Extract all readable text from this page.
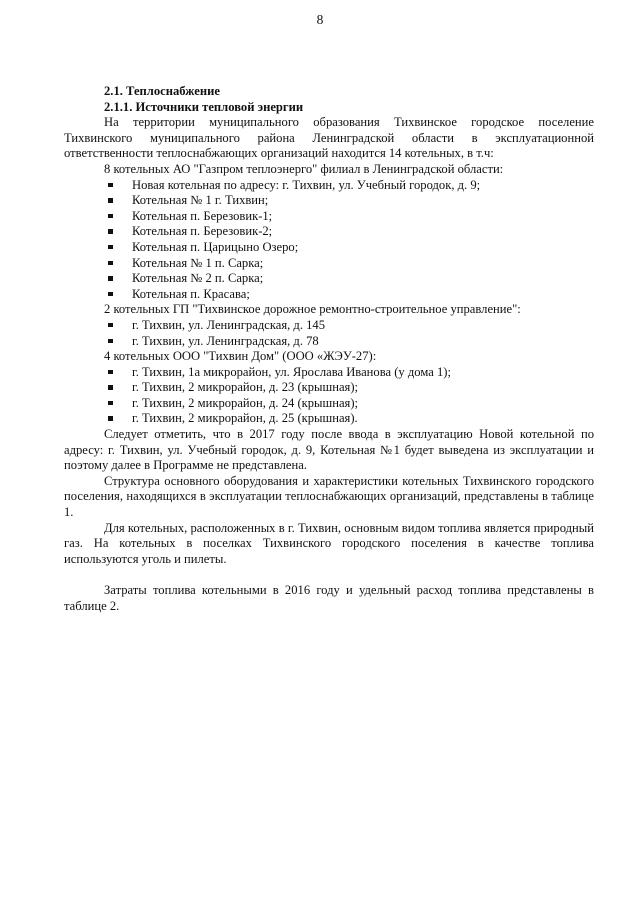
8
2.1. Теплоснабжение
2.1.1. Источники тепловой энергии
На территории муниципального образования Тихвинское городское поселение Тихвинского муниципального района Ленинградской области в эксплуатационной ответственности теплоснабжающих организаций находится 14 котельных, в т.ч:
8 котельных АО "Газпром теплоэнерго" филиал в Ленинградской области:
Новая котельная по адресу: г. Тихвин, ул. Учебный городок, д. 9;
Котельная № 1 г. Тихвин;
Котельная п. Березовик-1;
Котельная п. Березовик-2;
Котельная п. Царицыно Озеро;
Котельная № 1 п. Сарка;
Котельная № 2 п. Сарка;
Котельная п. Красава;
2 котельных ГП "Тихвинское дорожное ремонтно-строительное управление":
г. Тихвин, ул. Ленинградская, д. 145
г. Тихвин, ул. Ленинградская, д. 78
4 котельных ООО "Тихвин Дом" (ООО «ЖЭУ-27):
г. Тихвин, 1а микрорайон, ул. Ярослава Иванова (у дома 1);
г. Тихвин, 2 микрорайон, д. 23 (крышная);
г. Тихвин, 2 микрорайон, д. 24 (крышная);
г. Тихвин, 2 микрорайон, д. 25 (крышная).
Следует отметить, что в 2017 году после ввода в эксплуатацию Новой котельной по адресу: г. Тихвин, ул. Учебный городок, д. 9, Котельная №1 будет выведена из эксплуатации и поэтому далее в Программе не представлена.
Структура основного оборудования и характеристики котельных Тихвинского городского поселения, находящихся в эксплуатации теплоснабжающих организаций, представлены в таблице 1.
Для котельных, расположенных в г. Тихвин, основным видом топлива является природный газ. На котельных в поселках Тихвинского городского поселения в качестве топлива используются уголь и пилеты.
Затраты топлива котельными в 2016 году и удельный расход топлива представлены в таблице 2.
